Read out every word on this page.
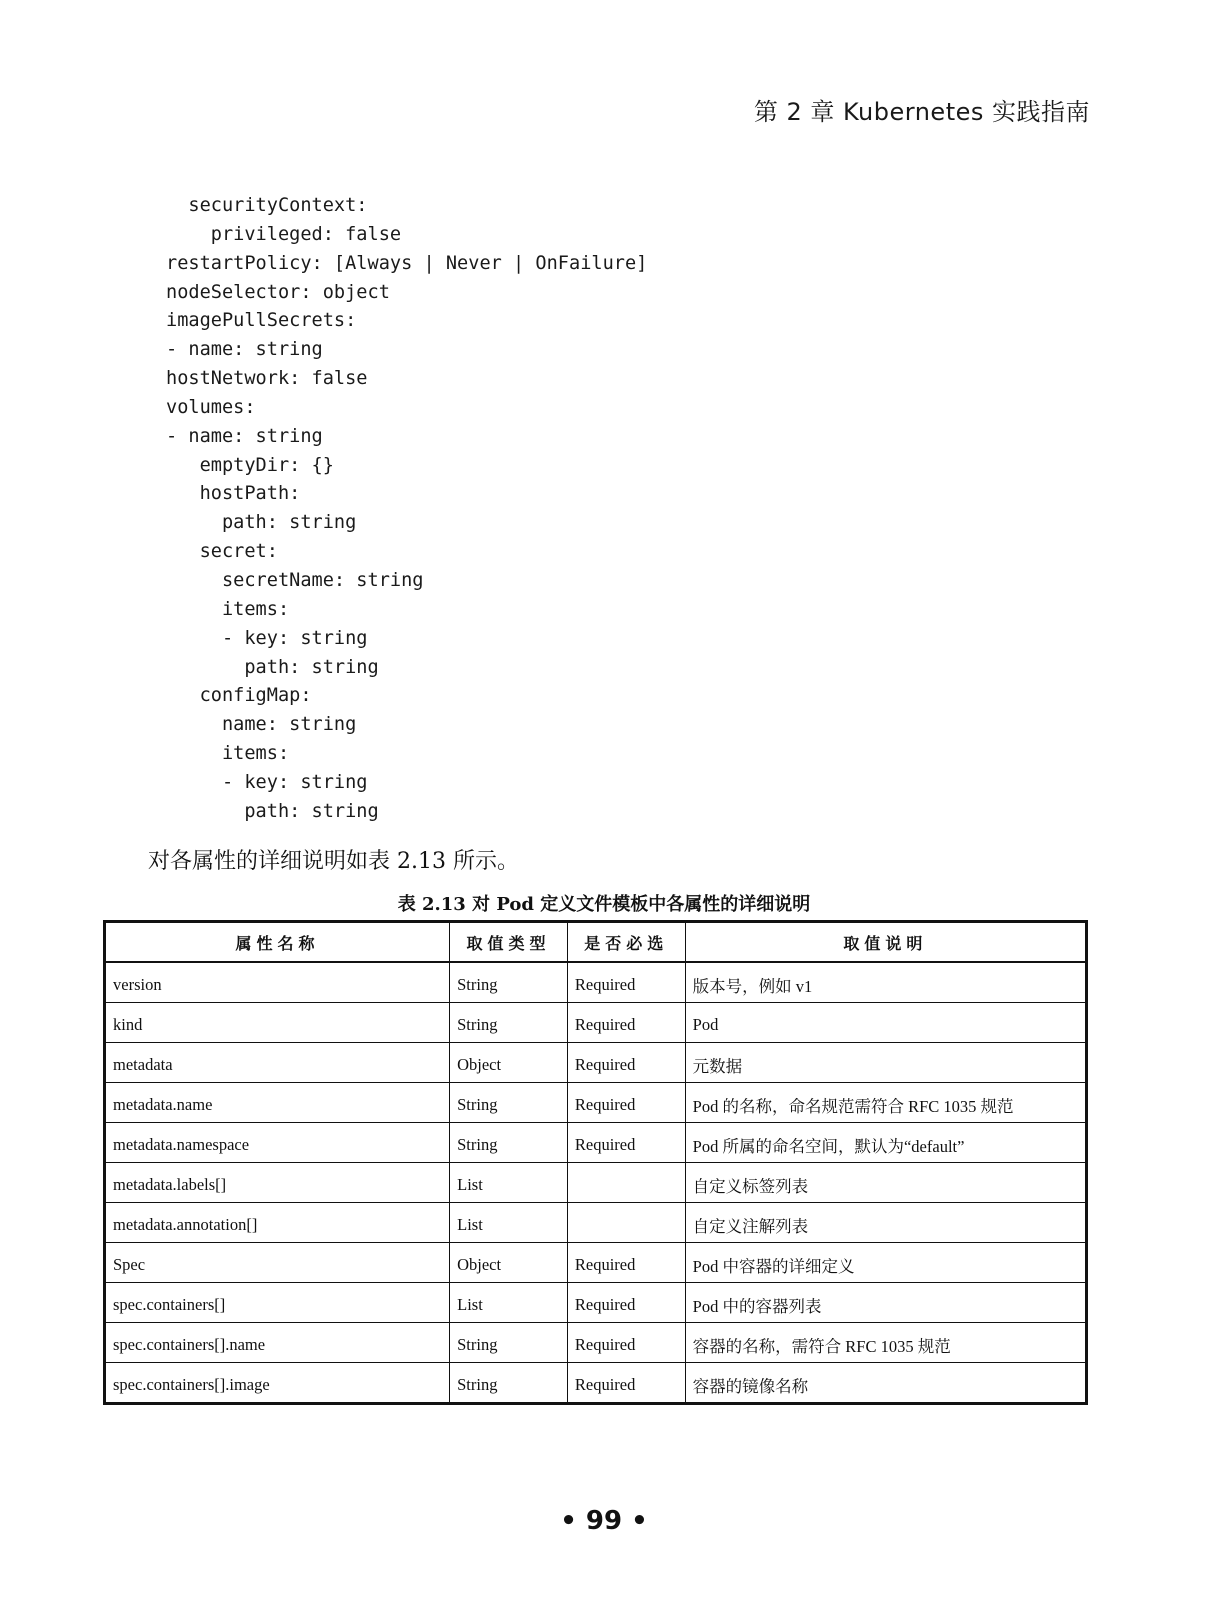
第 2 章 Kubernetes 实践指南
securityContext:
privileged: false
restartPolicy: [Always | Never | OnFailure]
nodeSelector: object
imagePullSecrets:
- name: string
hostNetwork: false
volumes:
- name: string
emptyDir: {}
hostPath:
path: string
secret:
secretName: string
items:
- key: string
path: string
configMap:
name: string
items:
- key: string
path: string
对各属性的详细说明如表 2.13 所示。
表 2.13 对 Pod 定义文件模板中各属性的详细说明
属性名称	取值类型	是否必选	取值说明
version	String	Required	版本号，例如 v1
kind	String	Required	Pod
metadata	Object	Required	元数据
metadata.name	String	Required	Pod 的名称，命名规范需符合 RFC 1035 规范
metadata.namespace	String	Required	Pod 所属的命名空间，默认为“default”
metadata.labels[]	List		自定义标签列表
metadata.annotation[]	List		自定义注解列表
Spec	Object	Required	Pod 中容器的详细定义
spec.containers[]	List	Required	Pod 中的容器列表
spec.containers[].name	String	Required	容器的名称，需符合 RFC 1035 规范
spec.containers[].image	String	Required	容器的镜像名称
• 99 •
